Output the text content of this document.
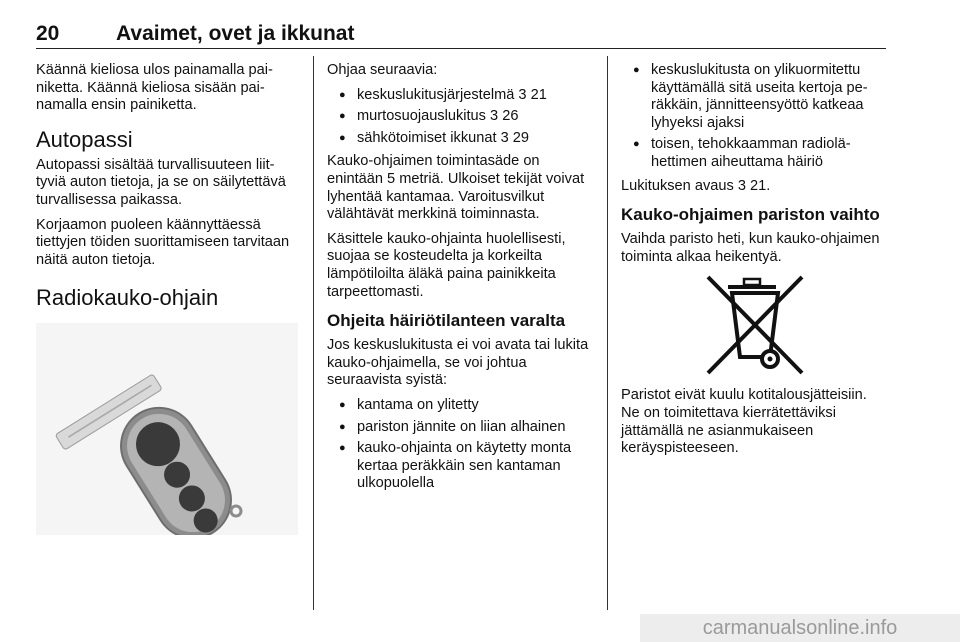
20	Avaimet, ovet ja ikkunat

Käännä kieliosa ulos painamalla painiketta. Käännä kieliosa sisään painamalla ensin painiketta.

Autopassi

Autopassi sisältää turvallisuuteen liittyviä auton tietoja, ja se on säilytettävä turvallisessa paikassa.

Korjaamon puoleen käännyttäessä tiettyjen töiden suorittamiseen tarvitaan näitä auton tietoja.

Radiokauko-ohjain

Ohjaa seuraavia:

● keskuslukitusjärjestelmä 3 21
● murtosuojauslukitus 3 26
● sähkötoimiset ikkunat 3 29

Kauko-ohjaimen toimintasäde on enintään 5 metriä. Ulkoiset tekijät voivat lyhentää kantamaa. Varoitusvilkut välähtävät merkkinä toiminnasta.

Käsittele kauko-ohjainta huolellisesti, suojaa se kosteudelta ja korkeilta lämpötiloilta äläkä paina painikkeita tarpeettomasti.

Ohjeita häiriötilanteen varalta

Jos keskuslukitusta ei voi avata tai lukita kauko-ohjaimella, se voi johtua seuraavista syistä:

● kantama on ylitetty
● pariston jännite on liian alhainen
● kauko-ohjainta on käytetty monta kertaa peräkkäin sen kantaman ulkopuolella
● keskuslukitusta on ylikuormitettu käyttämällä sitä useita kertoja peräkkäin, jännitteensyöttö katkeaa lyhyeksi ajaksi
● toisen, tehokkaamman radiolähettimen aiheuttama häiriö

Lukituksen avaus 3 21.

Kauko-ohjaimen pariston vaihto

Vaihda paristo heti, kun kauko-ohjaimen toiminta alkaa heikentyä.

Paristot eivät kuulu kotitalousjätteisiin. Ne on toimitettava kierrätettäviksi jättämällä ne asianmukaiseen keräyspisteeseen.

carmanualsonline.info
